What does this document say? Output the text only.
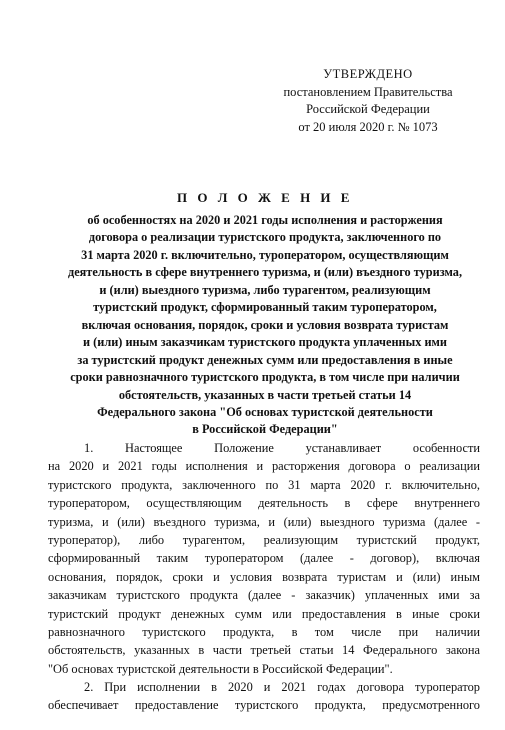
УТВЕРЖДЕНО
постановлением Правительства
Российской Федерации
от 20 июля 2020 г. № 1073
П О Л О Ж Е Н И Е
об особенностях на 2020 и 2021 годы исполнения и расторжения
договора о реализации туристского продукта, заключенного по
31 марта 2020 г. включительно, туроператором, осуществляющим
деятельность в сфере внутреннего туризма, и (или) въездного туризма,
и (или) выездного туризма, либо турагентом, реализующим
туристский продукт, сформированный таким туроператором,
включая основания, порядок, сроки и условия возврата туристам
и (или) иным заказчикам туристского продукта уплаченных ими
за туристский продукт денежных сумм или предоставления в иные
сроки равнозначного туристского продукта, в том числе при наличии
обстоятельств, указанных в части третьей статьи 14
Федерального закона "Об основах туристской деятельности
в Российской Федерации"
1. Настоящее Положение устанавливает особенности
на 2020 и 2021 годы исполнения и расторжения договора о реализации
туристского продукта, заключенного по 31 марта 2020 г. включительно,
туроператором, осуществляющим деятельность в сфере внутреннего
туризма, и (или) въездного туризма, и (или) выездного туризма (далее -
туроператор), либо турагентом, реализующим туристский продукт,
сформированный таким туроператором (далее - договор), включая
основания, порядок, сроки и условия возврата туристам и (или) иным
заказчикам туристского продукта (далее - заказчик) уплаченных ими за
туристский продукт денежных сумм или предоставления в иные сроки
равнозначного туристского продукта, в том числе при наличии
обстоятельств, указанных в части третьей статьи 14 Федерального закона
"Об основах туристской деятельности в Российской Федерации".
2. При исполнении в 2020 и 2021 годах договора туроператор
обеспечивает предоставление туристского продукта, предусмотренного
